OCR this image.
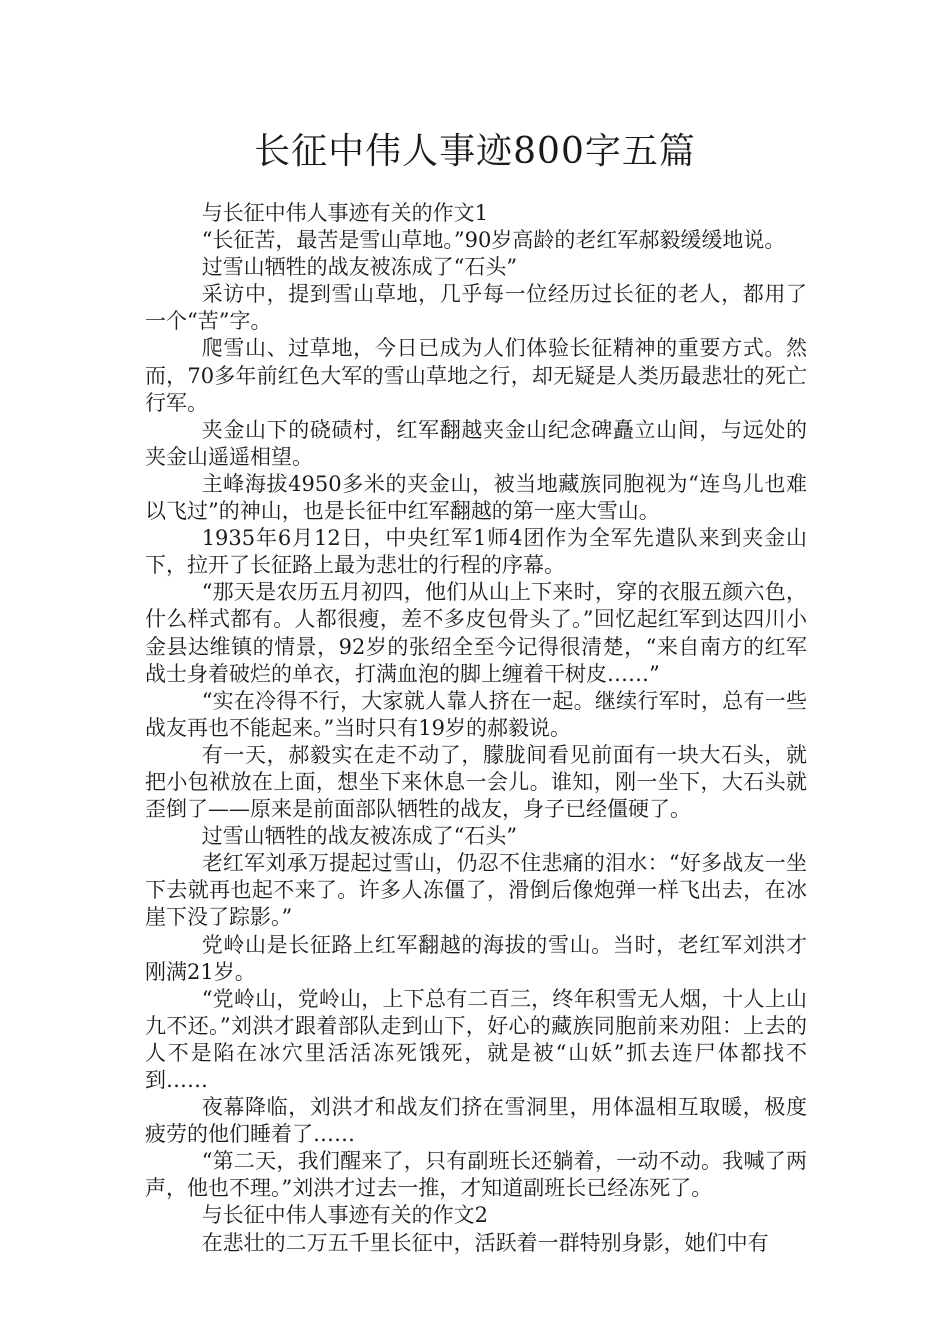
长征中伟人事迹800字五篇

与长征中伟人事迹有关的作文1

“长征苦，最苦是雪山草地。”90岁高龄的老红军郝毅缓缓地说。

过雪山牺牲的战友被冻成了“石头”

采访中，提到雪山草地，几乎每一位经历过长征的老人，都用了一个“苦”字。

爬雪山、过草地，今日已成为人们体验长征精神的重要方式。然而，70多年前红色大军的雪山草地之行，却无疑是人类历最悲壮的死亡行军。

夹金山下的硗碛村，红军翻越夹金山纪念碑矗立山间，与远处的夹金山遥遥相望。

主峰海拔4950多米的夹金山，被当地藏族同胞视为“连鸟儿也难以飞过”的神山，也是长征中红军翻越的第一座大雪山。

1935年6月12日，中央红军1师4团作为全军先遣队来到夹金山下，拉开了长征路上最为悲壮的行程的序幕。

“那天是农历五月初四，他们从山上下来时，穿的衣服五颜六色，什么样式都有。人都很瘦，差不多皮包骨头了。”回忆起红军到达四川小金县达维镇的情景，92岁的张绍全至今记得很清楚，“来自南方的红军战士身着破烂的单衣，打满血泡的脚上缠着干树皮……”

“实在冷得不行，大家就人靠人挤在一起。继续行军时，总有一些战友再也不能起来。”当时只有19岁的郝毅说。

有一天，郝毅实在走不动了，朦胧间看见前面有一块大石头，就把小包袱放在上面，想坐下来休息一会儿。谁知，刚一坐下，大石头就歪倒了——原来是前面部队牺牲的战友，身子已经僵硬了。

过雪山牺牲的战友被冻成了“石头”

老红军刘承万提起过雪山，仍忍不住悲痛的泪水：“好多战友一坐下去就再也起不来了。许多人冻僵了，滑倒后像炮弹一样飞出去，在冰崖下没了踪影。”

党岭山是长征路上红军翻越的海拔的雪山。当时，老红军刘洪才刚满21岁。

“党岭山，党岭山，上下总有二百三，终年积雪无人烟，十人上山九不还。”刘洪才跟着部队走到山下，好心的藏族同胞前来劝阻：上去的人不是陷在冰穴里活活冻死饿死，就是被“山妖”抓去连尸体都找不到……

夜幕降临，刘洪才和战友们挤在雪洞里，用体温相互取暖，极度疲劳的他们睡着了……

“第二天，我们醒来了，只有副班长还躺着，一动不动。我喊了两声，他也不理。”刘洪才过去一推，才知道副班长已经冻死了。

与长征中伟人事迹有关的作文2

在悲壮的二万五千里长征中，活跃着一群特别身影，她们中有
